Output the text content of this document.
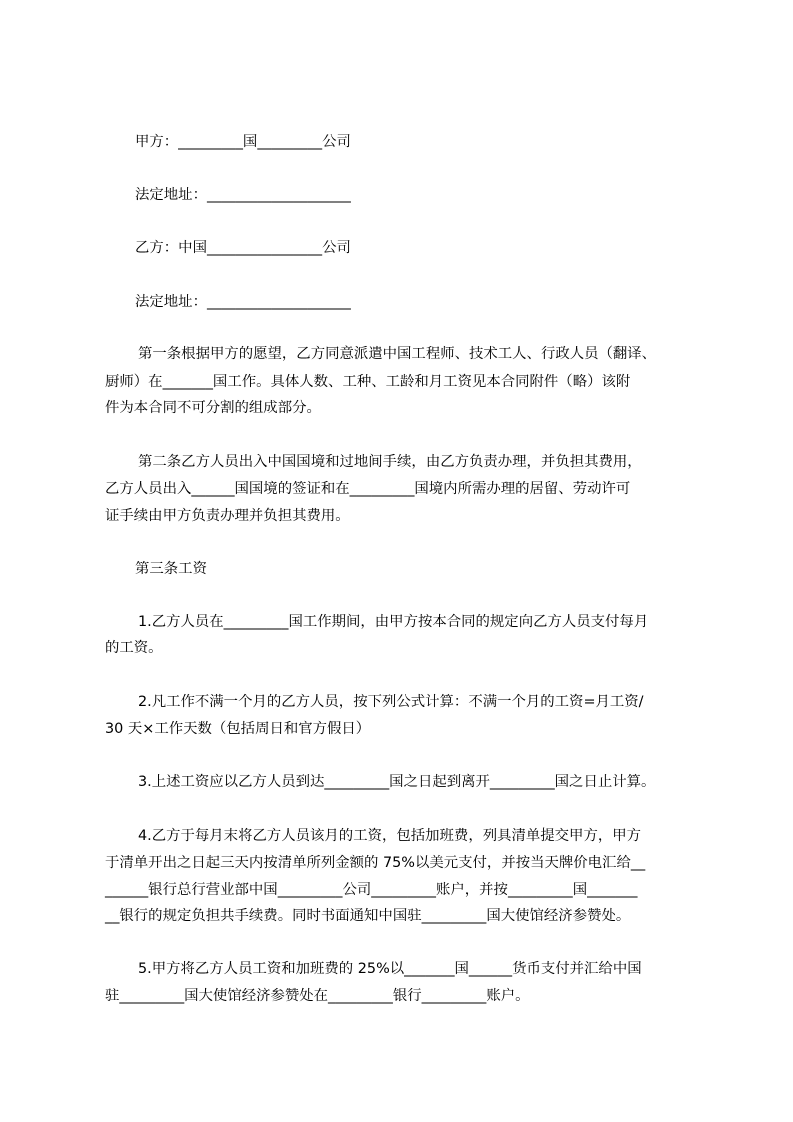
甲方：_________国_________公司
法定地址：____________________
乙方：中国________________公司
法定地址：____________________
第一条根据甲方的愿望，乙方同意派遣中国工程师、技术工人、行政人员（翻译、
厨师）在_______国工作。具体人数、工种、工龄和月工资见本合同附件（略）该附
件为本合同不可分割的组成部分。
第二条乙方人员出入中国国境和过地间手续，由乙方负责办理，并负担其费用，
乙方人员出入______国国境的签证和在_________国境内所需办理的居留、劳动许可
证手续由甲方负责办理并负担其费用。
第三条工资
1.乙方人员在_________国工作期间，由甲方按本合同的规定向乙方人员支付每月
的工资。
2.凡工作不满一个月的乙方人员，按下列公式计算：不满一个月的工资=月工资/
30 天×工作天数（包括周日和官方假日）
3.上述工资应以乙方人员到达_________国之日起到离开_________国之日止计算。
4.乙方于每月末将乙方人员该月的工资，包括加班费，列具清单提交甲方，甲方
于清单开出之日起三天内按清单所列金额的 75%以美元支付，并按当天牌价电汇给__
______银行总行营业部中国_________公司_________账户，并按_________国_______
__银行的规定负担共手续费。同时书面通知中国驻_________国大使馆经济参赞处。
5.甲方将乙方人员工资和加班费的 25%以_______国______货币支付并汇给中国
驻_________国大使馆经济参赞处在_________银行_________账户。
